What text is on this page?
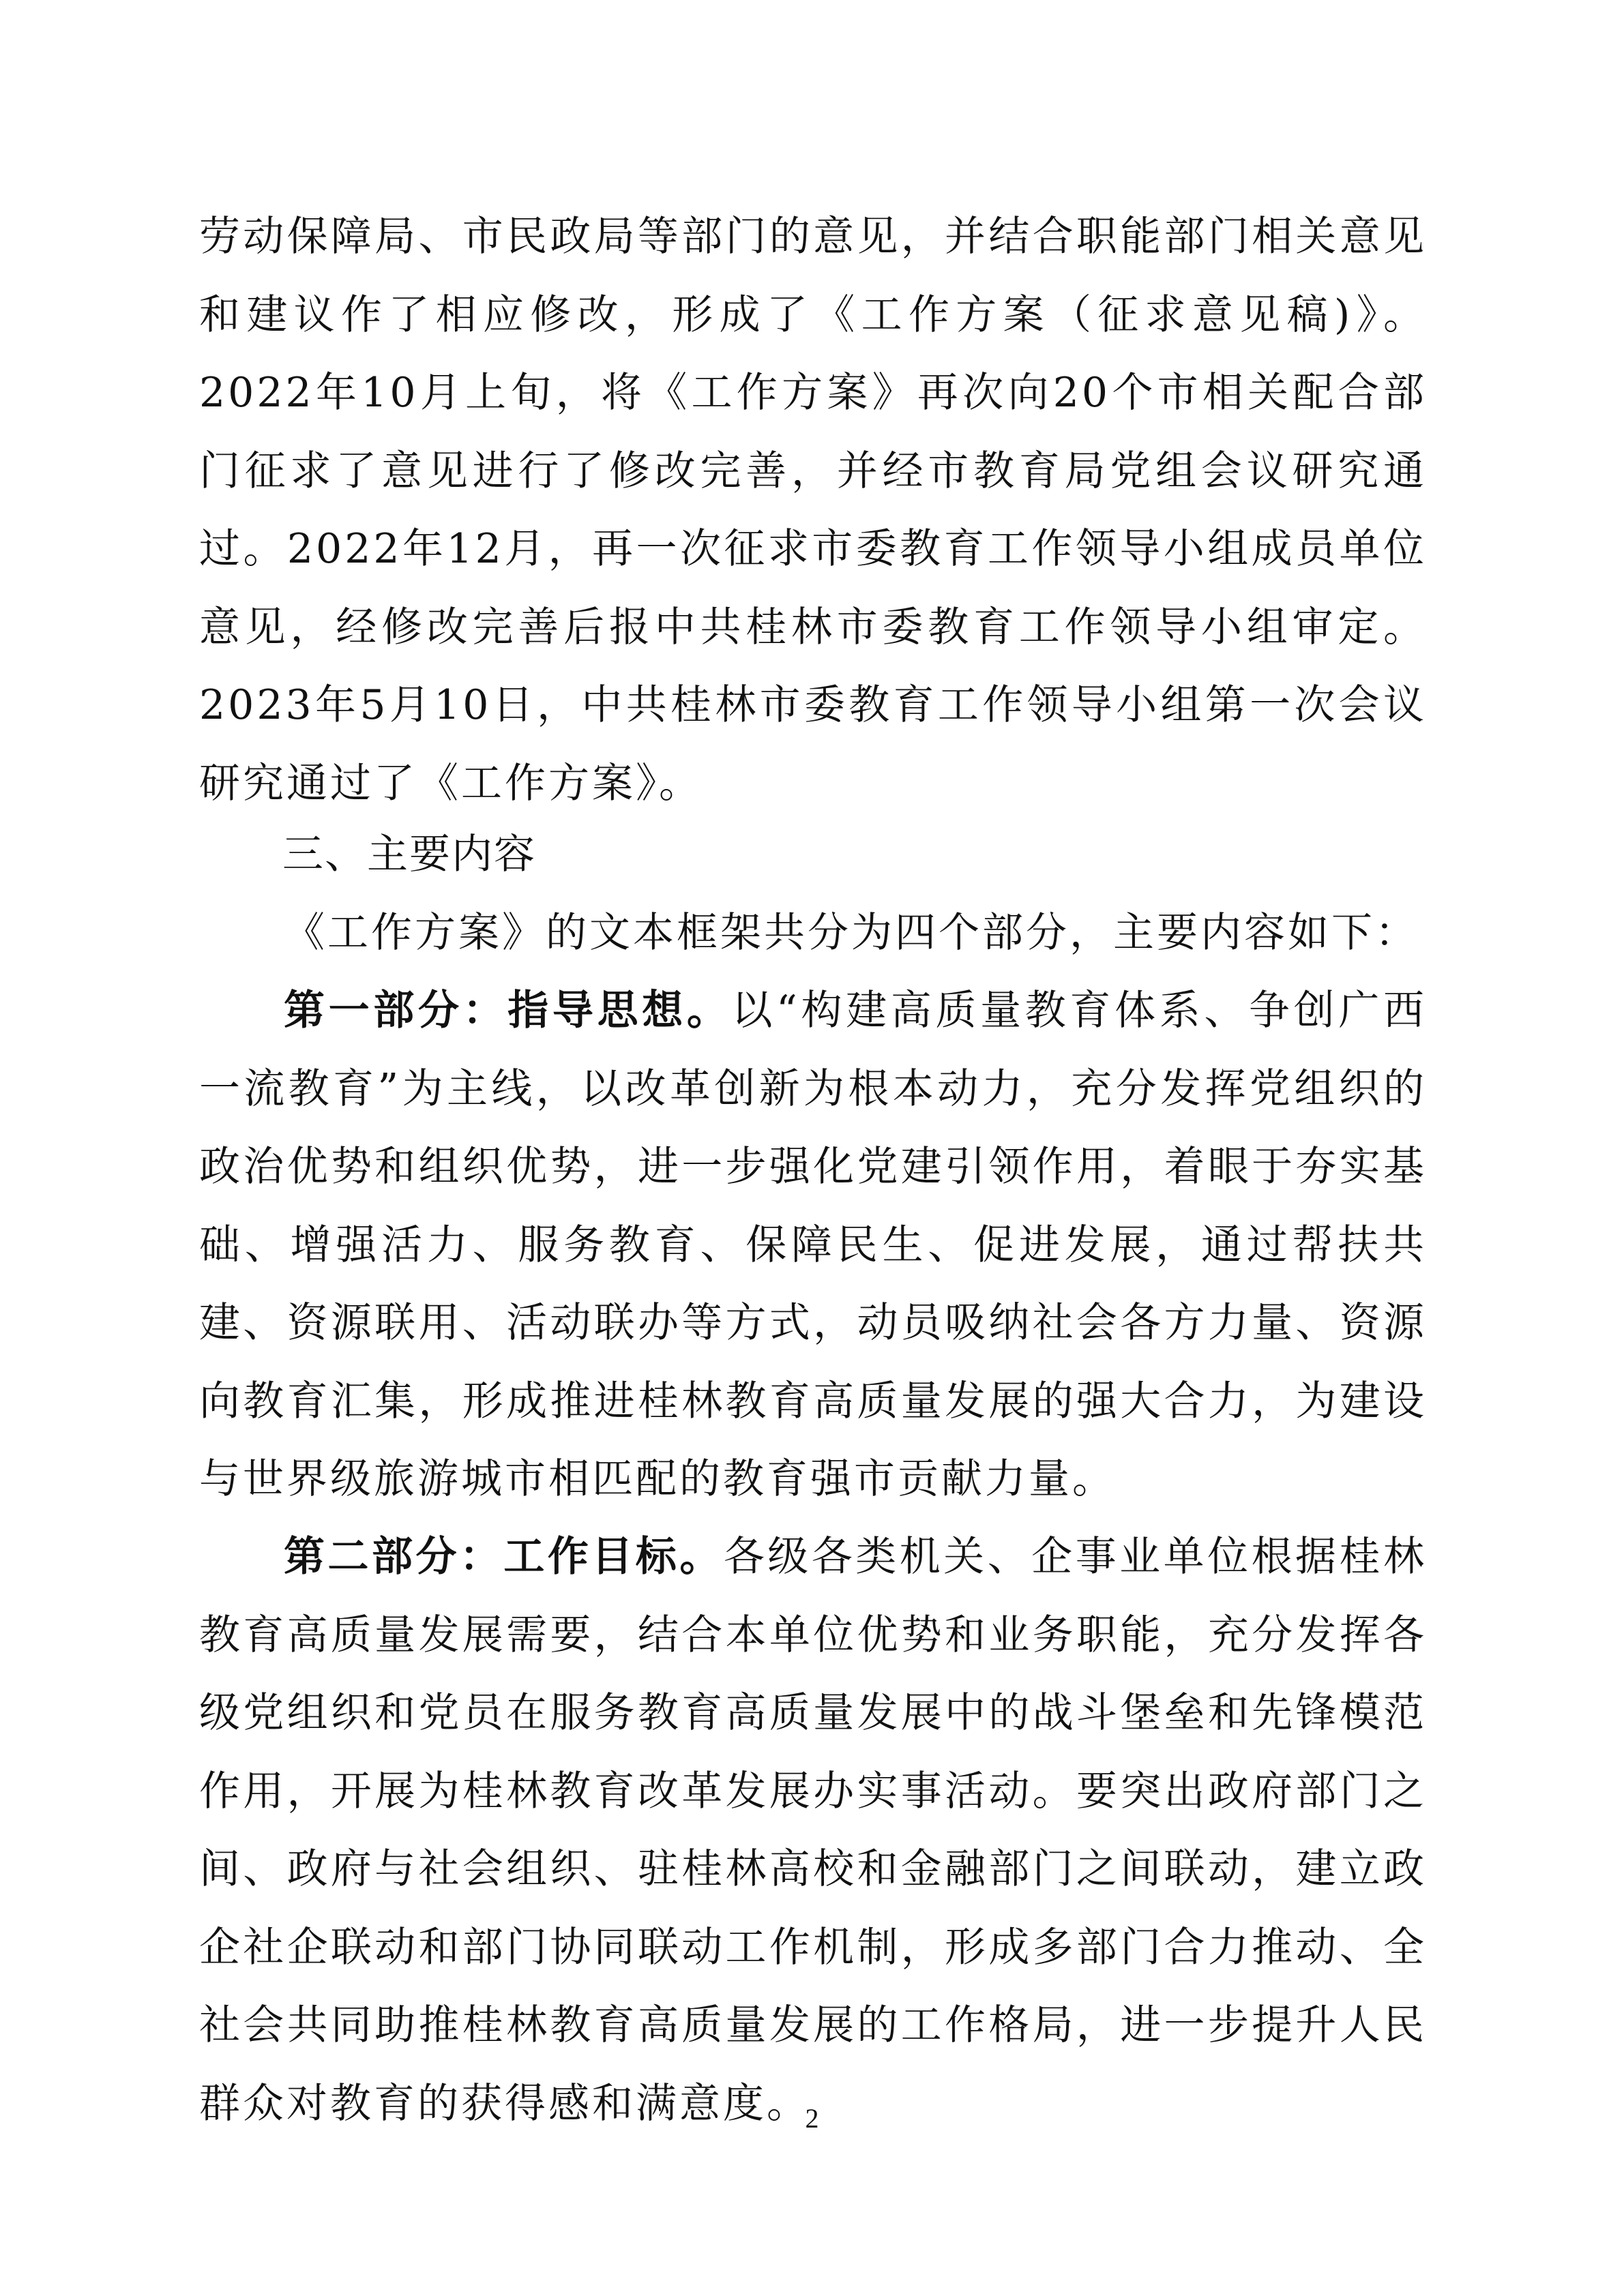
劳动保障局、市民政局等部门的意见，并结合职能部门相关意见和建议作了相应修改，形成了《工作方案（征求意见稿)》。2022年10月上旬，将《工作方案》再次向20个市相关配合部门征求了意见进行了修改完善，并经市教育局党组会议研究通过。2022年12月，再一次征求市委教育工作领导小组成员单位意见，经修改完善后报中共桂林市委教育工作领导小组审定。2023年5月10日，中共桂林市委教育工作领导小组第一次会议研究通过了《工作方案》。

三、主要内容

《工作方案》的文本框架共分为四个部分，主要内容如下：

第一部分：指导思想。以“构建高质量教育体系、争创广西一流教育”为主线，以改革创新为根本动力，充分发挥党组织的政治优势和组织优势，进一步强化党建引领作用，着眼于夯实基础、增强活力、服务教育、保障民生、促进发展，通过帮扶共建、资源联用、活动联办等方式，动员吸纳社会各方力量、资源向教育汇集，形成推进桂林教育高质量发展的强大合力，为建设与世界级旅游城市相匹配的教育强市贡献力量。

第二部分：工作目标。各级各类机关、企事业单位根据桂林教育高质量发展需要，结合本单位优势和业务职能，充分发挥各级党组织和党员在服务教育高质量发展中的战斗堡垒和先锋模范作用，开展为桂林教育改革发展办实事活动。要突出政府部门之间、政府与社会组织、驻桂林高校和金融部门之间联动，建立政企社企联动和部门协同联动工作机制，形成多部门合力推动、全社会共同助推桂林教育高质量发展的工作格局，进一步提升人民群众对教育的获得感和满意度。

2
